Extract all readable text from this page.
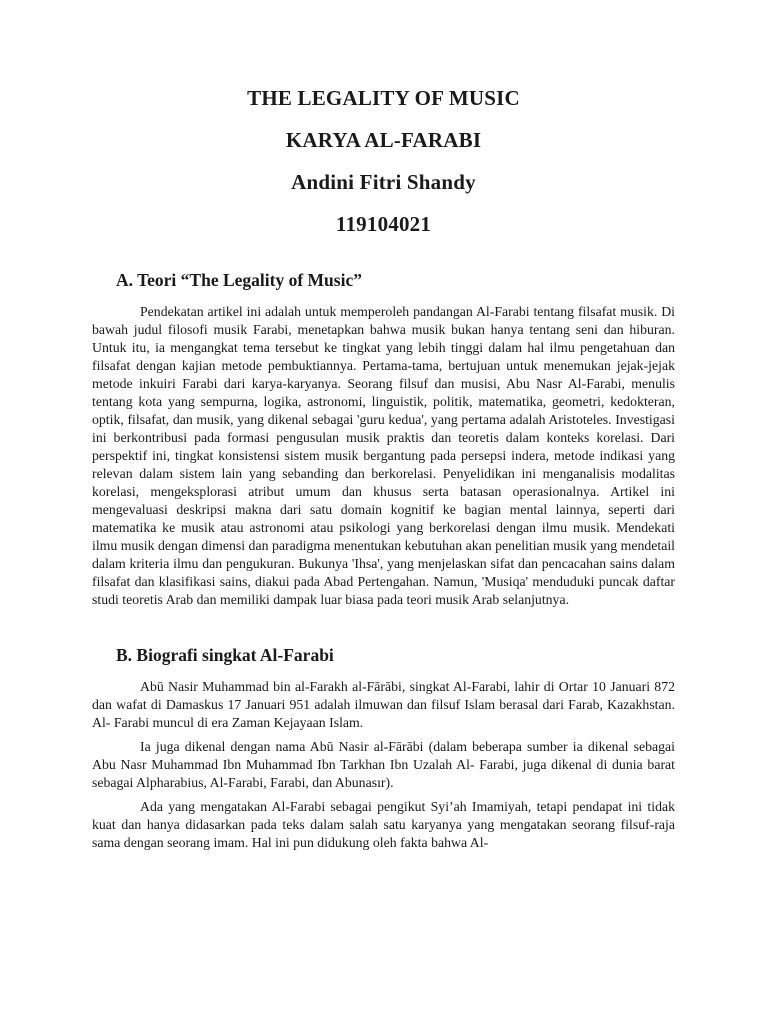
THE LEGALITY OF MUSIC

KARYA AL-FARABI

Andini Fitri Shandy

119104021

A. Teori “The Legality of Music”

Pendekatan artikel ini adalah untuk memperoleh pandangan Al-Farabi tentang filsafat musik. Di bawah judul filosofi musik Farabi, menetapkan bahwa musik bukan hanya tentang seni dan hiburan. Untuk itu, ia mengangkat tema tersebut ke tingkat yang lebih tinggi dalam hal ilmu pengetahuan dan filsafat dengan kajian metode pembuktiannya. Pertama-tama, bertujuan untuk menemukan jejak-jejak metode inkuiri Farabi dari karya-karyanya. Seorang filsuf dan musisi, Abu Nasr Al-Farabi, menulis tentang kota yang sempurna, logika, astronomi, linguistik, politik, matematika, geometri, kedokteran, optik, filsafat, dan musik, yang dikenal sebagai 'guru kedua', yang pertama adalah Aristoteles. Investigasi ini berkontribusi pada formasi pengusulan musik praktis dan teoretis dalam konteks korelasi. Dari perspektif ini, tingkat konsistensi sistem musik bergantung pada persepsi indera, metode indikasi yang relevan dalam sistem lain yang sebanding dan berkorelasi. Penyelidikan ini menganalisis modalitas korelasi, mengeksplorasi atribut umum dan khusus serta batasan operasionalnya. Artikel ini mengevaluasi deskripsi makna dari satu domain kognitif ke bagian mental lainnya, seperti dari matematika ke musik atau astronomi atau psikologi yang berkorelasi dengan ilmu musik. Mendekati ilmu musik dengan dimensi dan paradigma menentukan kebutuhan akan penelitian musik yang mendetail dalam kriteria ilmu dan pengukuran. Bukunya 'Ihsa', yang menjelaskan sifat dan pencacahan sains dalam filsafat dan klasifikasi sains, diakui pada Abad Pertengahan. Namun, 'Musiqa' menduduki puncak daftar studi teoretis Arab dan memiliki dampak luar biasa pada teori musik Arab selanjutnya.

B. Biografi singkat Al-Farabi

Abū Nasir Muhammad bin al-Farakh al-Fārābi, singkat Al-Farabi, lahir di Ortar 10 Januari 872 dan wafat di Damaskus 17 Januari 951 adalah ilmuwan dan filsuf Islam berasal dari Farab, Kazakhstan. Al- Farabi muncul di era Zaman Kejayaan Islam.

Ia juga dikenal dengan nama Abū Nasir al-Fārābi (dalam beberapa sumber ia dikenal sebagai Abu Nasr Muhammad Ibn Muhammad Ibn Tarkhan Ibn Uzalah Al- Farabi, juga dikenal di dunia barat sebagai Alpharabius, Al-Farabi, Farabi, dan Abunasır).

Ada yang mengatakan Al-Farabi sebagai pengikut Syi’ah Imamiyah, tetapi pendapat ini tidak kuat dan hanya didasarkan pada teks dalam salah satu karyanya yang mengatakan seorang filsuf-raja sama dengan seorang imam. Hal ini pun didukung oleh fakta bahwa Al-
